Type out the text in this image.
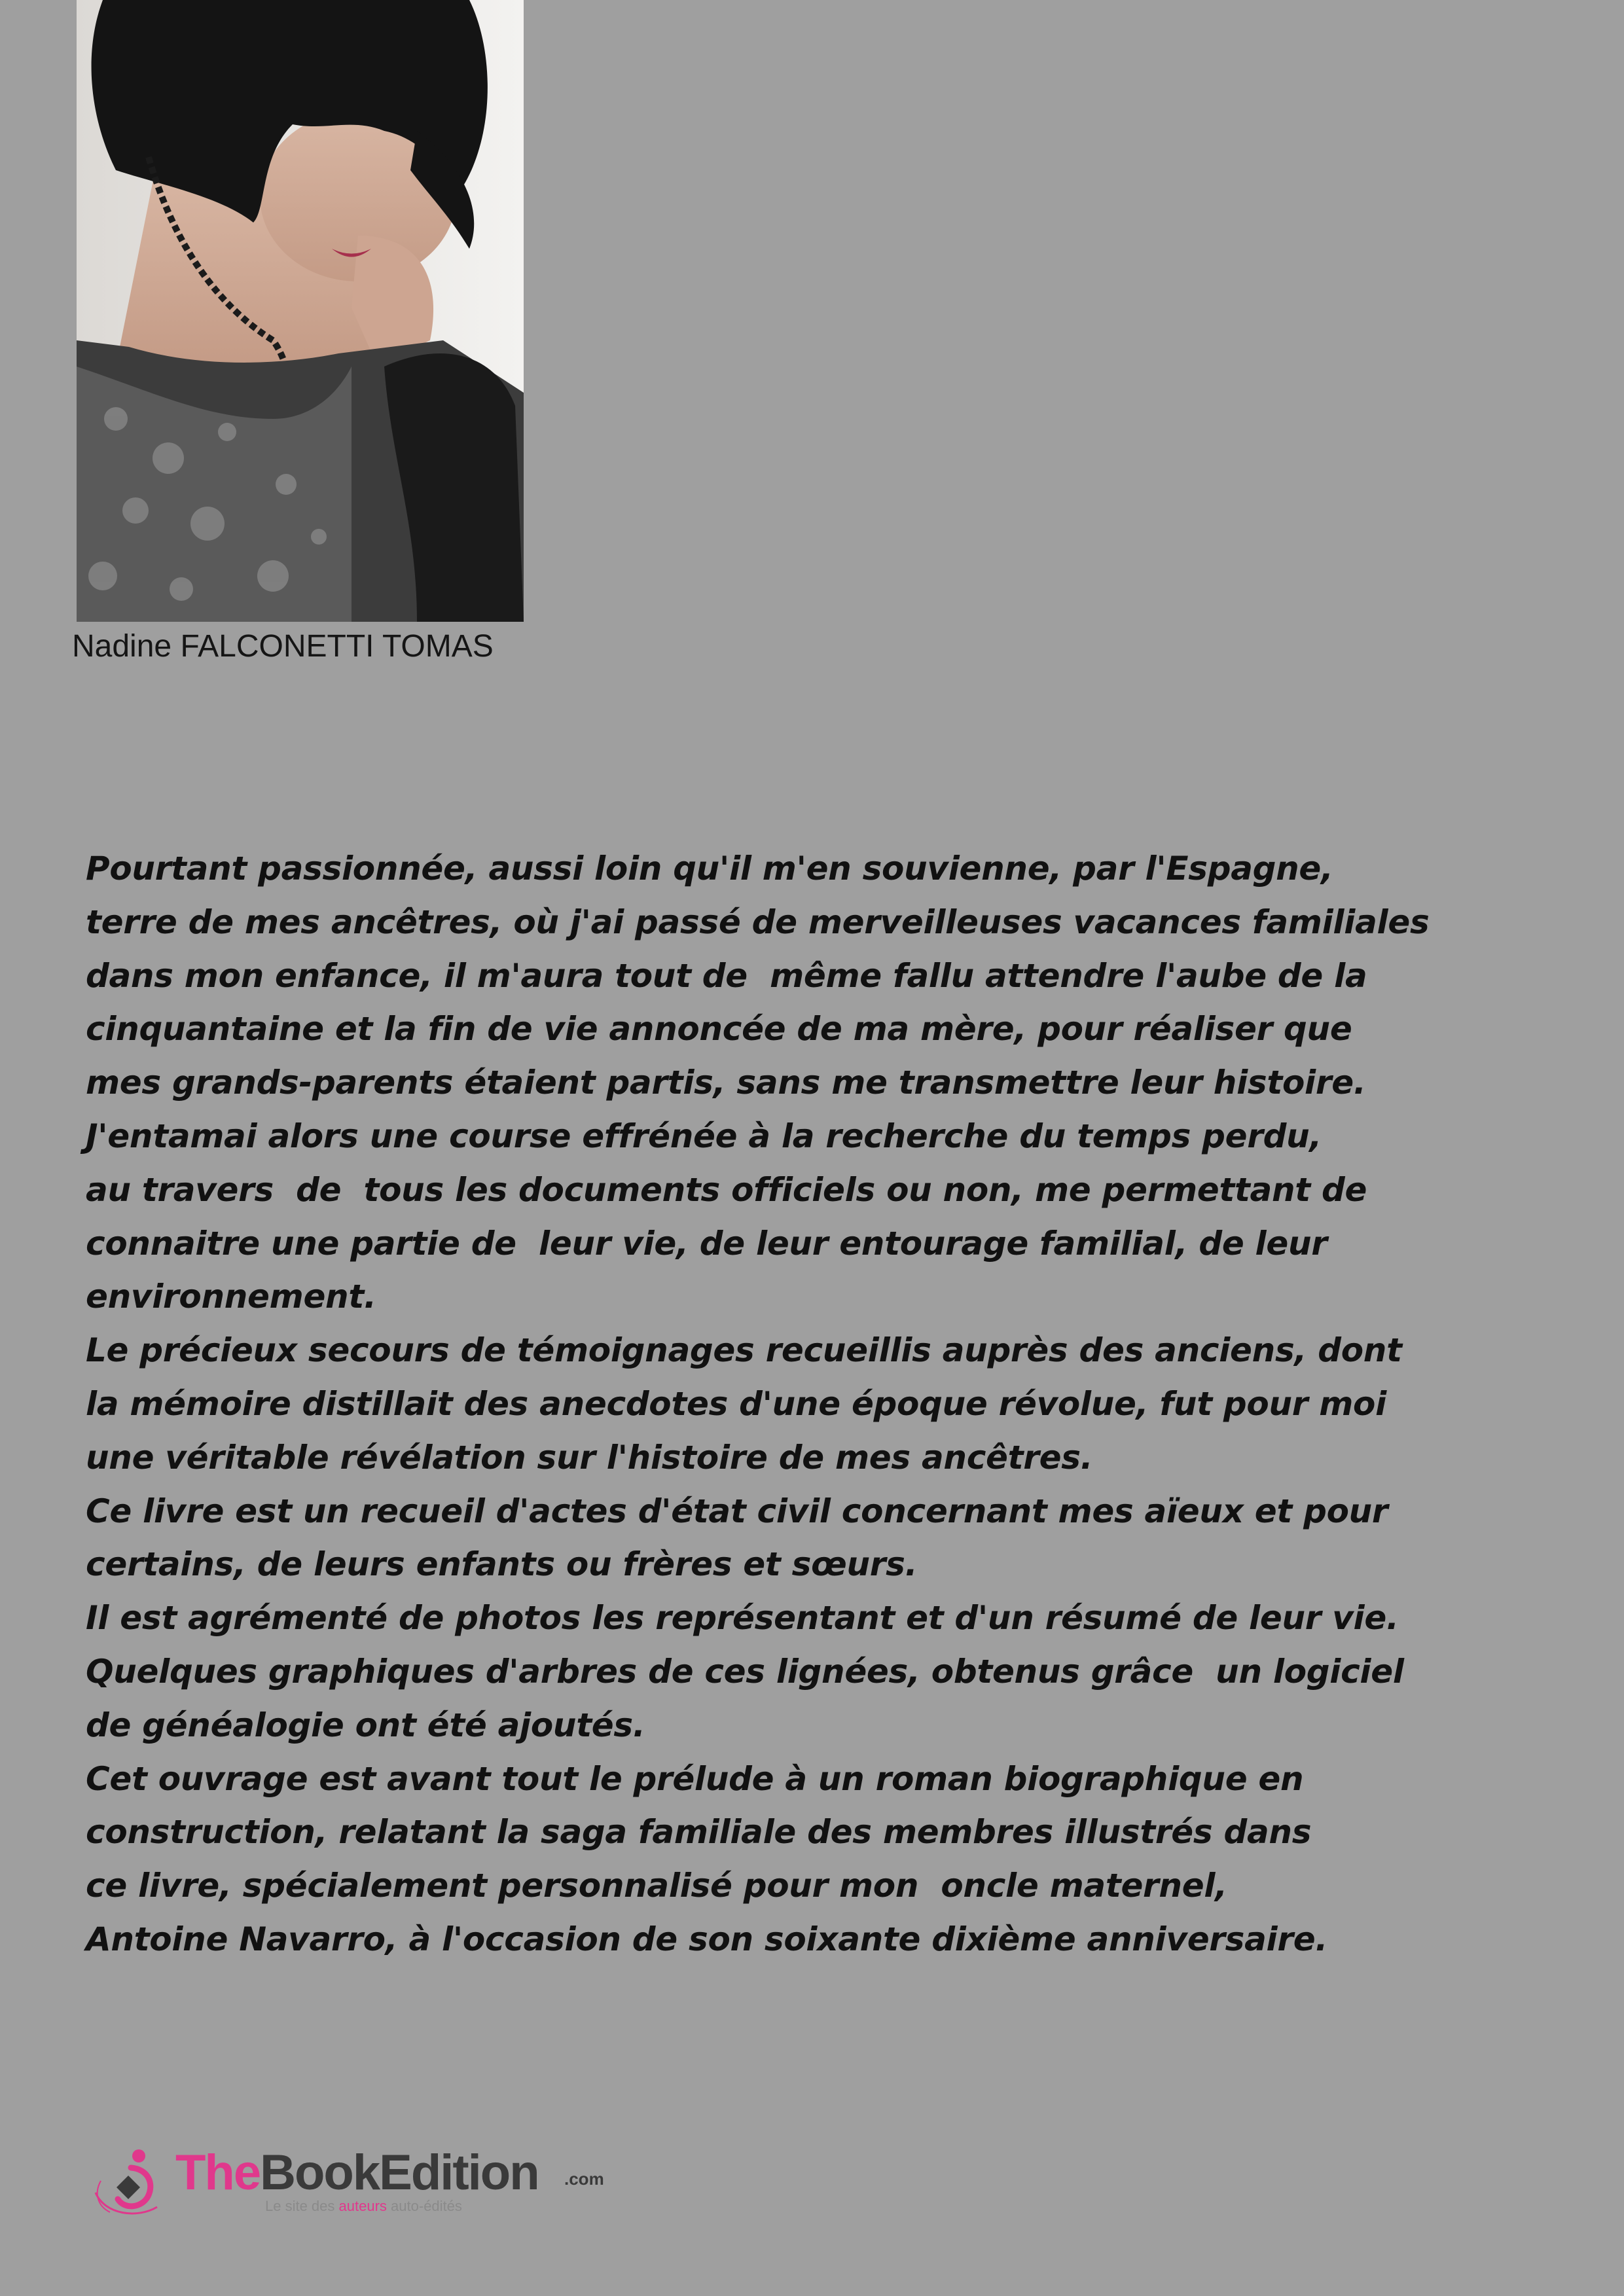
Nadine FALCONETTI TOMAS
Pourtant passionnée, aussi loin qu'il m'en souvienne, par l'Espagne,
terre de mes ancêtres, où j'ai passé de merveilleuses vacances familiales
dans mon enfance, il m'aura tout de  même fallu attendre l'aube de la
cinquantaine et la fin de vie annoncée de ma mère, pour réaliser que
mes grands-parents étaient partis, sans me transmettre leur histoire.
J'entamai alors une course effrénée à la recherche du temps perdu,
au travers  de  tous les documents officiels ou non, me permettant de
connaitre une partie de  leur vie, de leur entourage familial, de leur
environnement.
Le précieux secours de témoignages recueillis auprès des anciens, dont
la mémoire distillait des anecdotes d'une époque révolue, fut pour moi
une véritable révélation sur l'histoire de mes ancêtres.
Ce livre est un recueil d'actes d'état civil concernant mes aïeux et pour
certains, de leurs enfants ou frères et sœurs.
Il est agrémenté de photos les représentant et d'un résumé de leur vie.
Quelques graphiques d'arbres de ces lignées, obtenus grâce  un logiciel
de généalogie ont été ajoutés.
Cet ouvrage est avant tout le prélude à un roman biographique en
construction, relatant la saga familiale des membres illustrés dans
ce livre, spécialement personnalisé pour mon  oncle maternel,
Antoine Navarro, à l'occasion de son soixante dixième anniversaire.
TheBookEdition .com
Le site des auteurs auto-édités
